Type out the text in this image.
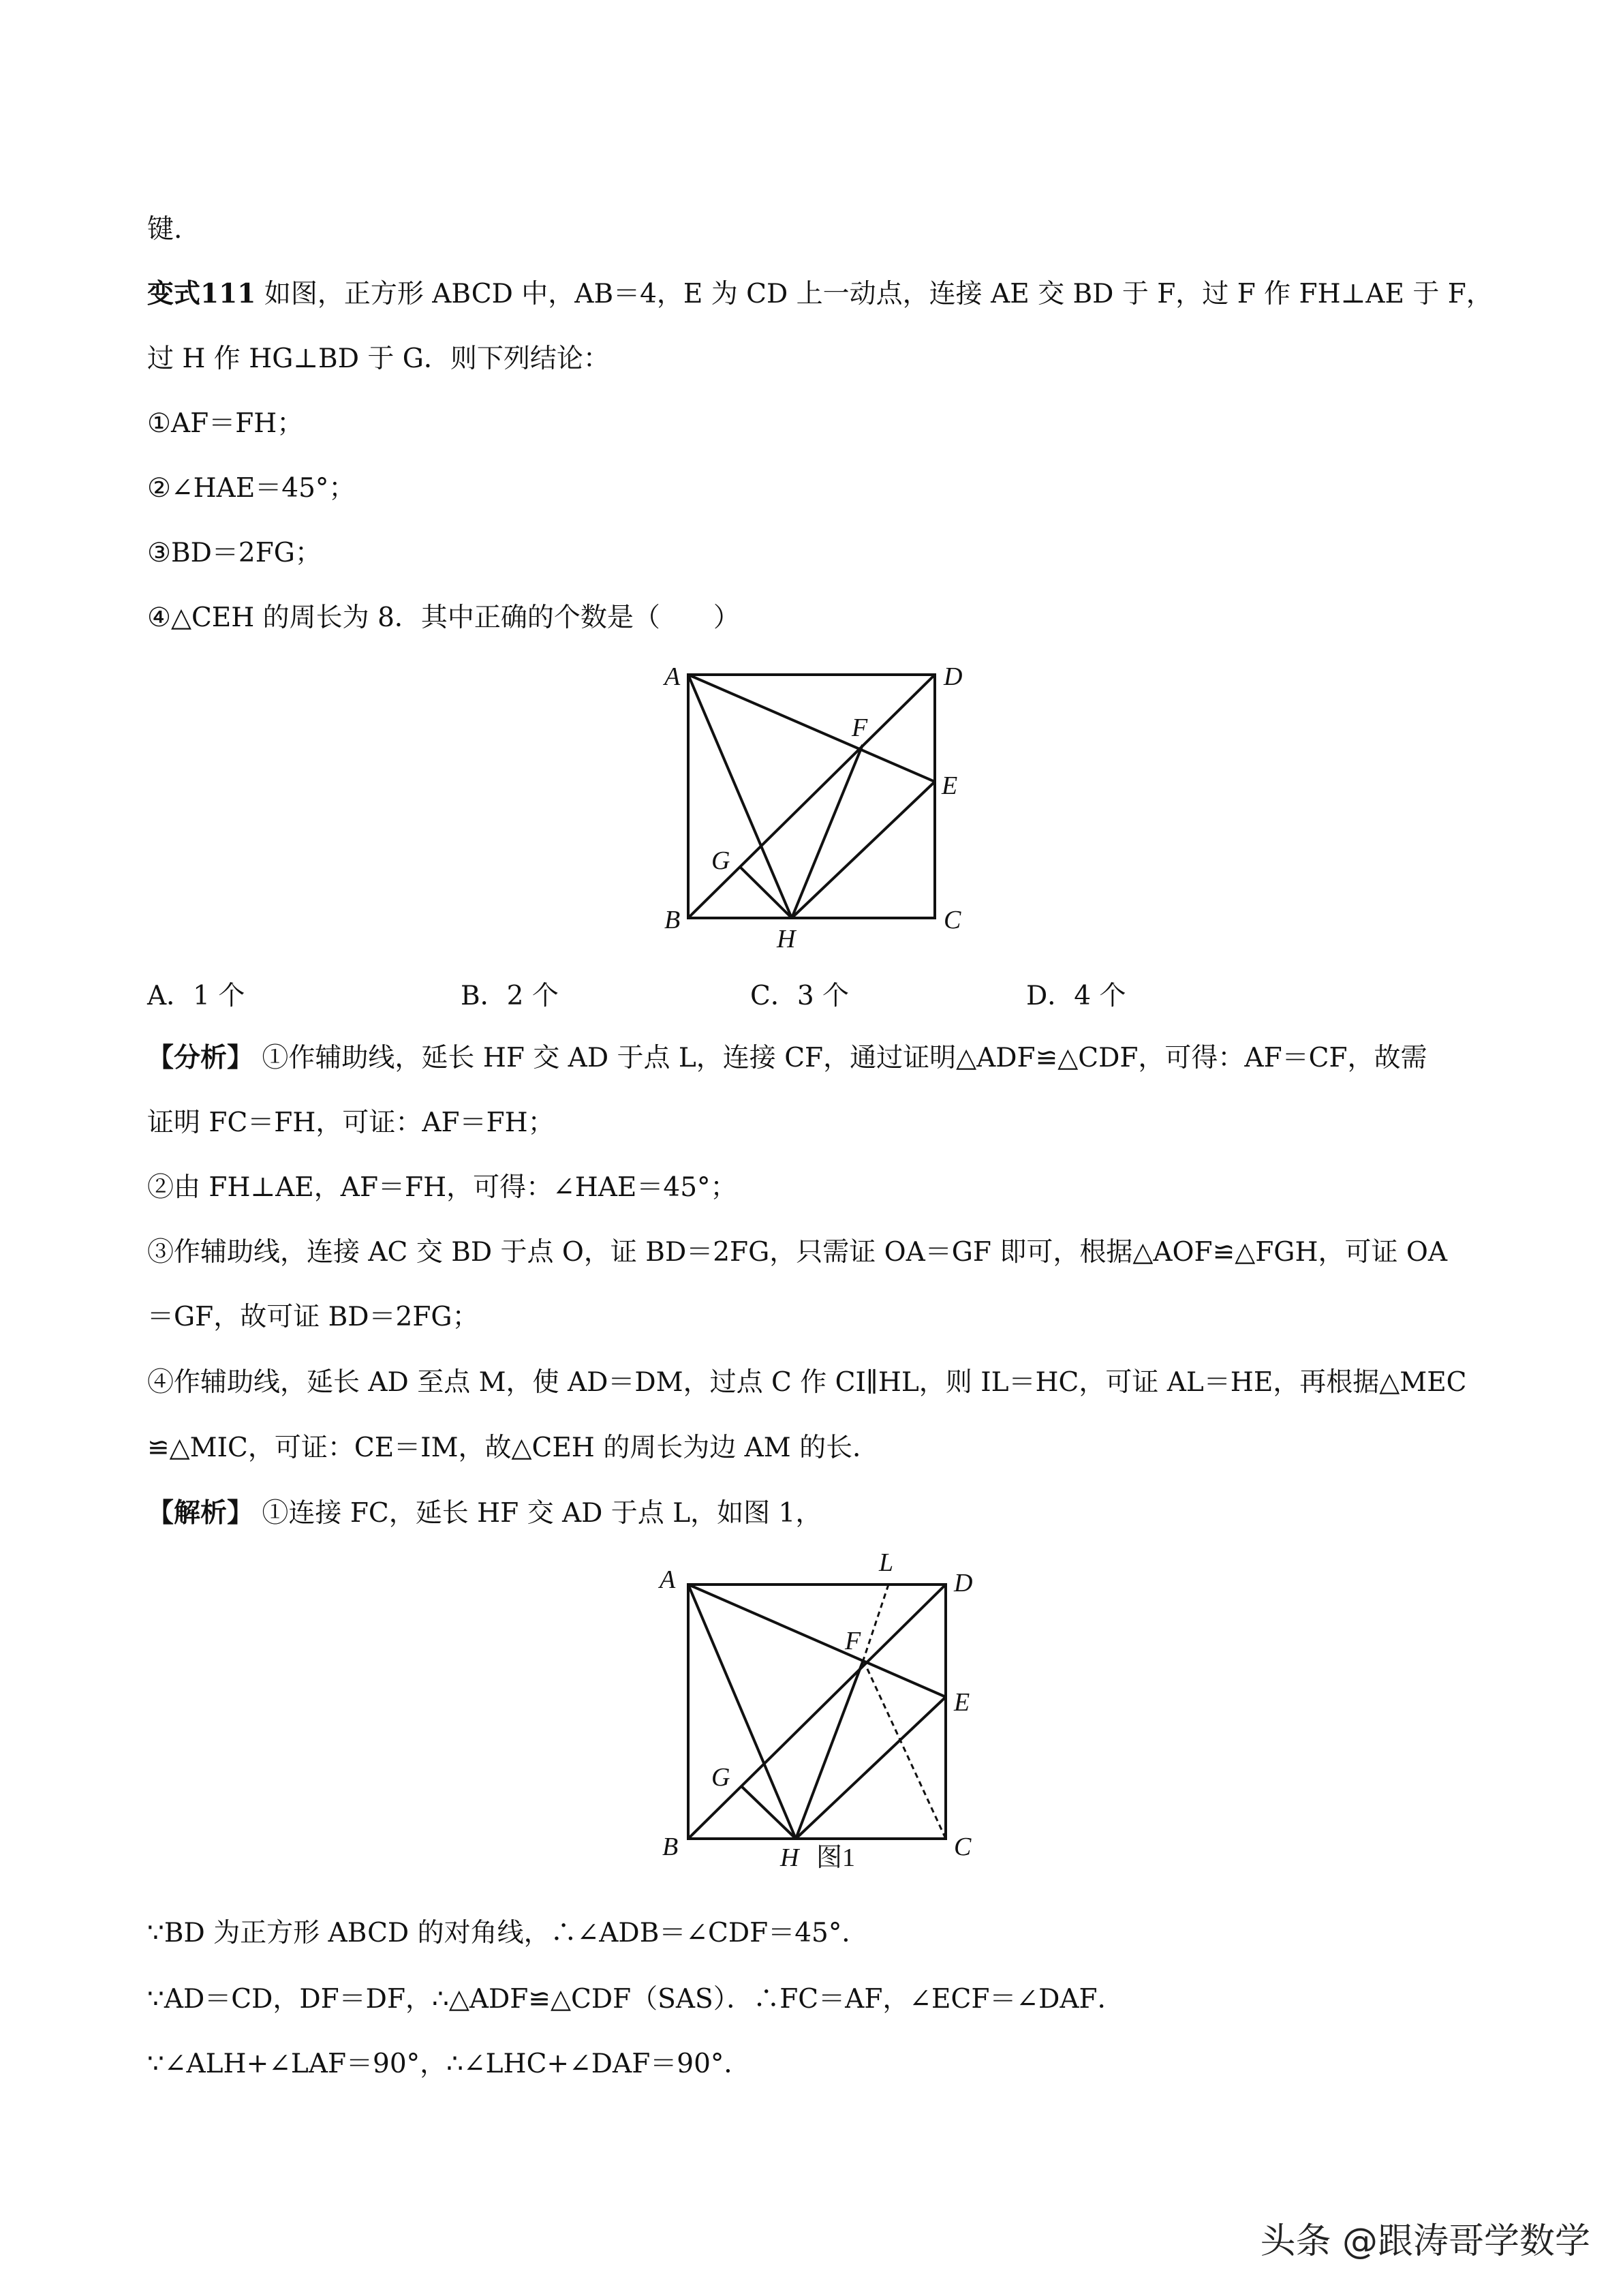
键.
变式111 如图，正方形 ABCD 中，AB＝4，E 为 CD 上一动点，连接 AE 交 BD 于 F，过 F 作 FH⊥AE 于 F，
过 H 作 HG⊥BD 于 G．则下列结论：
①AF＝FH；
②∠HAE＝45°；
③BD＝2FG；
④△CEH 的周长为 8．其中正确的个数是（　　）
A	D
F
E
G
B
H
C
A．1 个	B．2 个	C．3 个	D．4 个
【分析】 ①作辅助线，延长 HF 交 AD 于点 L，连接 CF，通过证明△ADF≌△CDF，可得：AF＝CF，故需
证明 FC＝FH，可证：AF＝FH；
②由 FH⊥AE，AF＝FH，可得：∠HAE＝45°；
③作辅助线，连接 AC 交 BD 于点 O，证 BD＝2FG，只需证 OA＝GF 即可，根据△AOF≌△FGH，可证 OA
＝GF，故可证 BD＝2FG；
④作辅助线，延长 AD 至点 M，使 AD＝DM，过点 C 作 CI∥HL，则 IL＝HC，可证 AL＝HE，再根据△MEC
≌△MIC，可证：CE＝IM，故△CEH 的周长为边 AM 的长．
【解析】 ①连接 FC，延长 HF 交 AD 于点 L，如图 1，
A
L
D
F
E
G
B	H 图1	C
∵BD 为正方形 ABCD 的对角线，∴∠ADB＝∠CDF＝45°．
∵AD＝CD，DF＝DF，∴△ADF≌△CDF（SAS）．∴FC＝AF，∠ECF＝∠DAF．
∵∠ALH+∠LAF＝90°，∴∠LHC+∠DAF＝90°．
头条 @跟涛哥学数学
